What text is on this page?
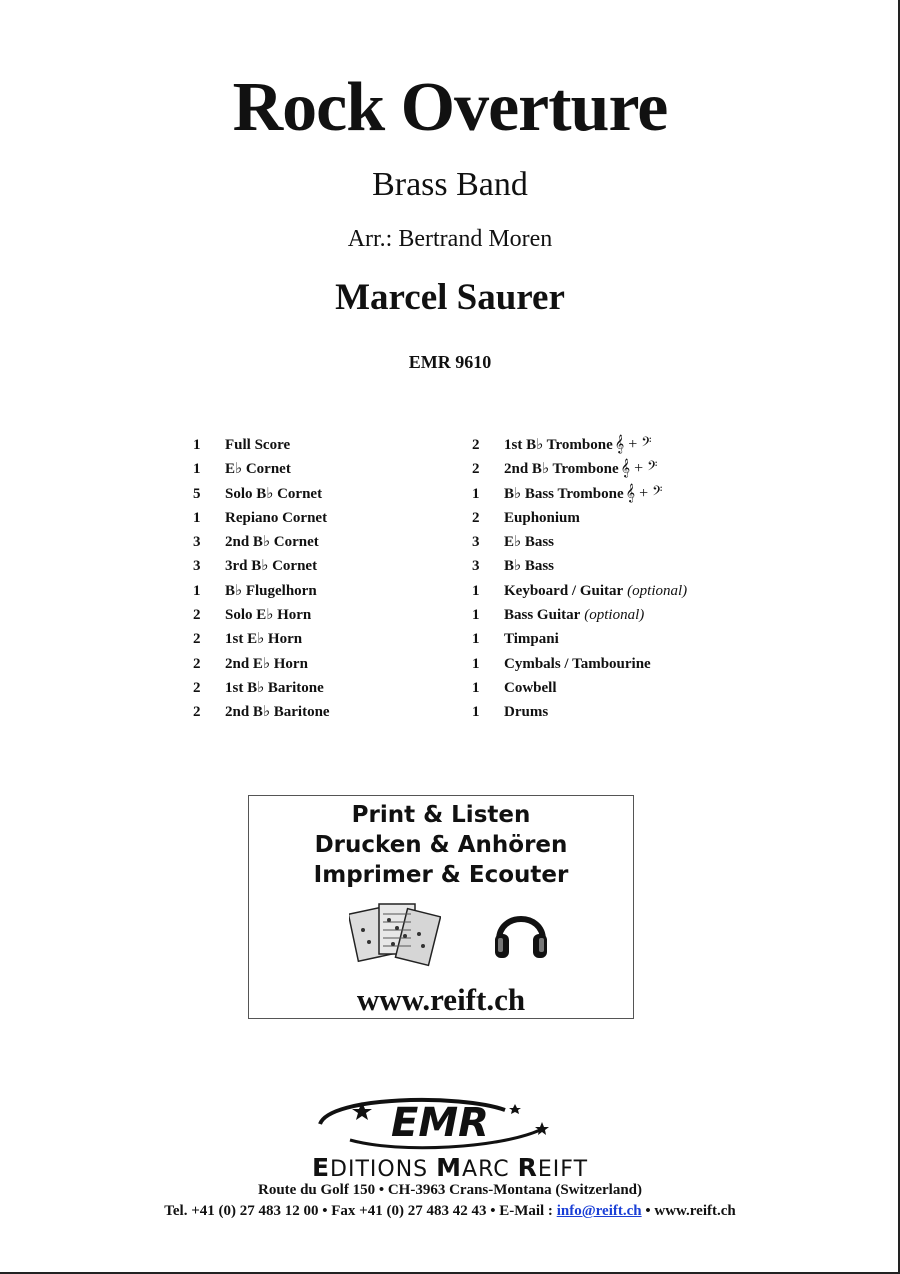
Rock Overture
Brass Band
Arr.: Bertrand Moren
Marcel Saurer
EMR 9610
1	Full Score
1	E♭ Cornet
5	Solo B♭ Cornet
1	Repiano Cornet
3	2nd B♭ Cornet
3	3rd B♭ Cornet
1	B♭ Flugelhorn
2	Solo E♭ Horn
2	1st E♭ Horn
2	2nd E♭ Horn
2	1st B♭ Baritone
2	2nd B♭ Baritone
2	1st B♭ Trombone 𝄞 + 𝄢
2	2nd B♭ Trombone 𝄞 + 𝄢
1	B♭ Bass Trombone 𝄞 + 𝄢
2	Euphonium
3	E♭ Bass
3	B♭ Bass
1	Keyboard / Guitar (optional)
1	Bass Guitar (optional)
1	Timpani
1	Cymbals / Tambourine
1	Cowbell
1	Drums
Print & Listen
Drucken & Anhören
Imprimer & Ecouter
www.reift.ch
EMR
EDITIONS MARC REIFT
Route du Golf 150 • CH-3963 Crans-Montana (Switzerland)
Tel. +41 (0) 27 483 12 00 • Fax +41 (0) 27 483 42 43 • E-Mail : info@reift.ch • www.reift.ch
